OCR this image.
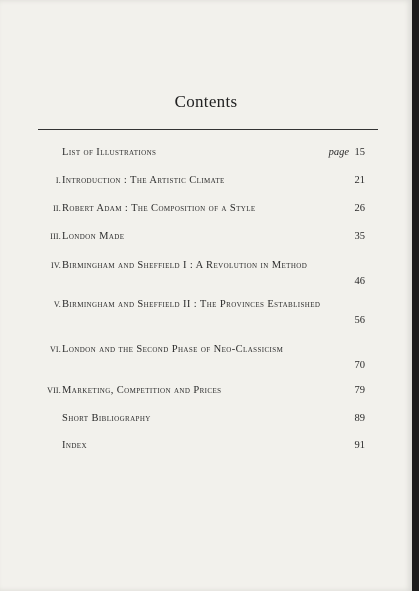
Contents
List of Illustrations	page 15
I. Introduction : The Artistic Climate	21
II. Robert Adam : The Composition of a Style	26
III. London Made	35
IV. Birmingham and Sheffield I : A Revolution in Method
46
V. Birmingham and Sheffield II : The Provinces Established
56
VI. London and the Second Phase of Neo-Classicism
70
VII. Marketing, Competition and Prices	79
Short Bibliography	89
Index	91
